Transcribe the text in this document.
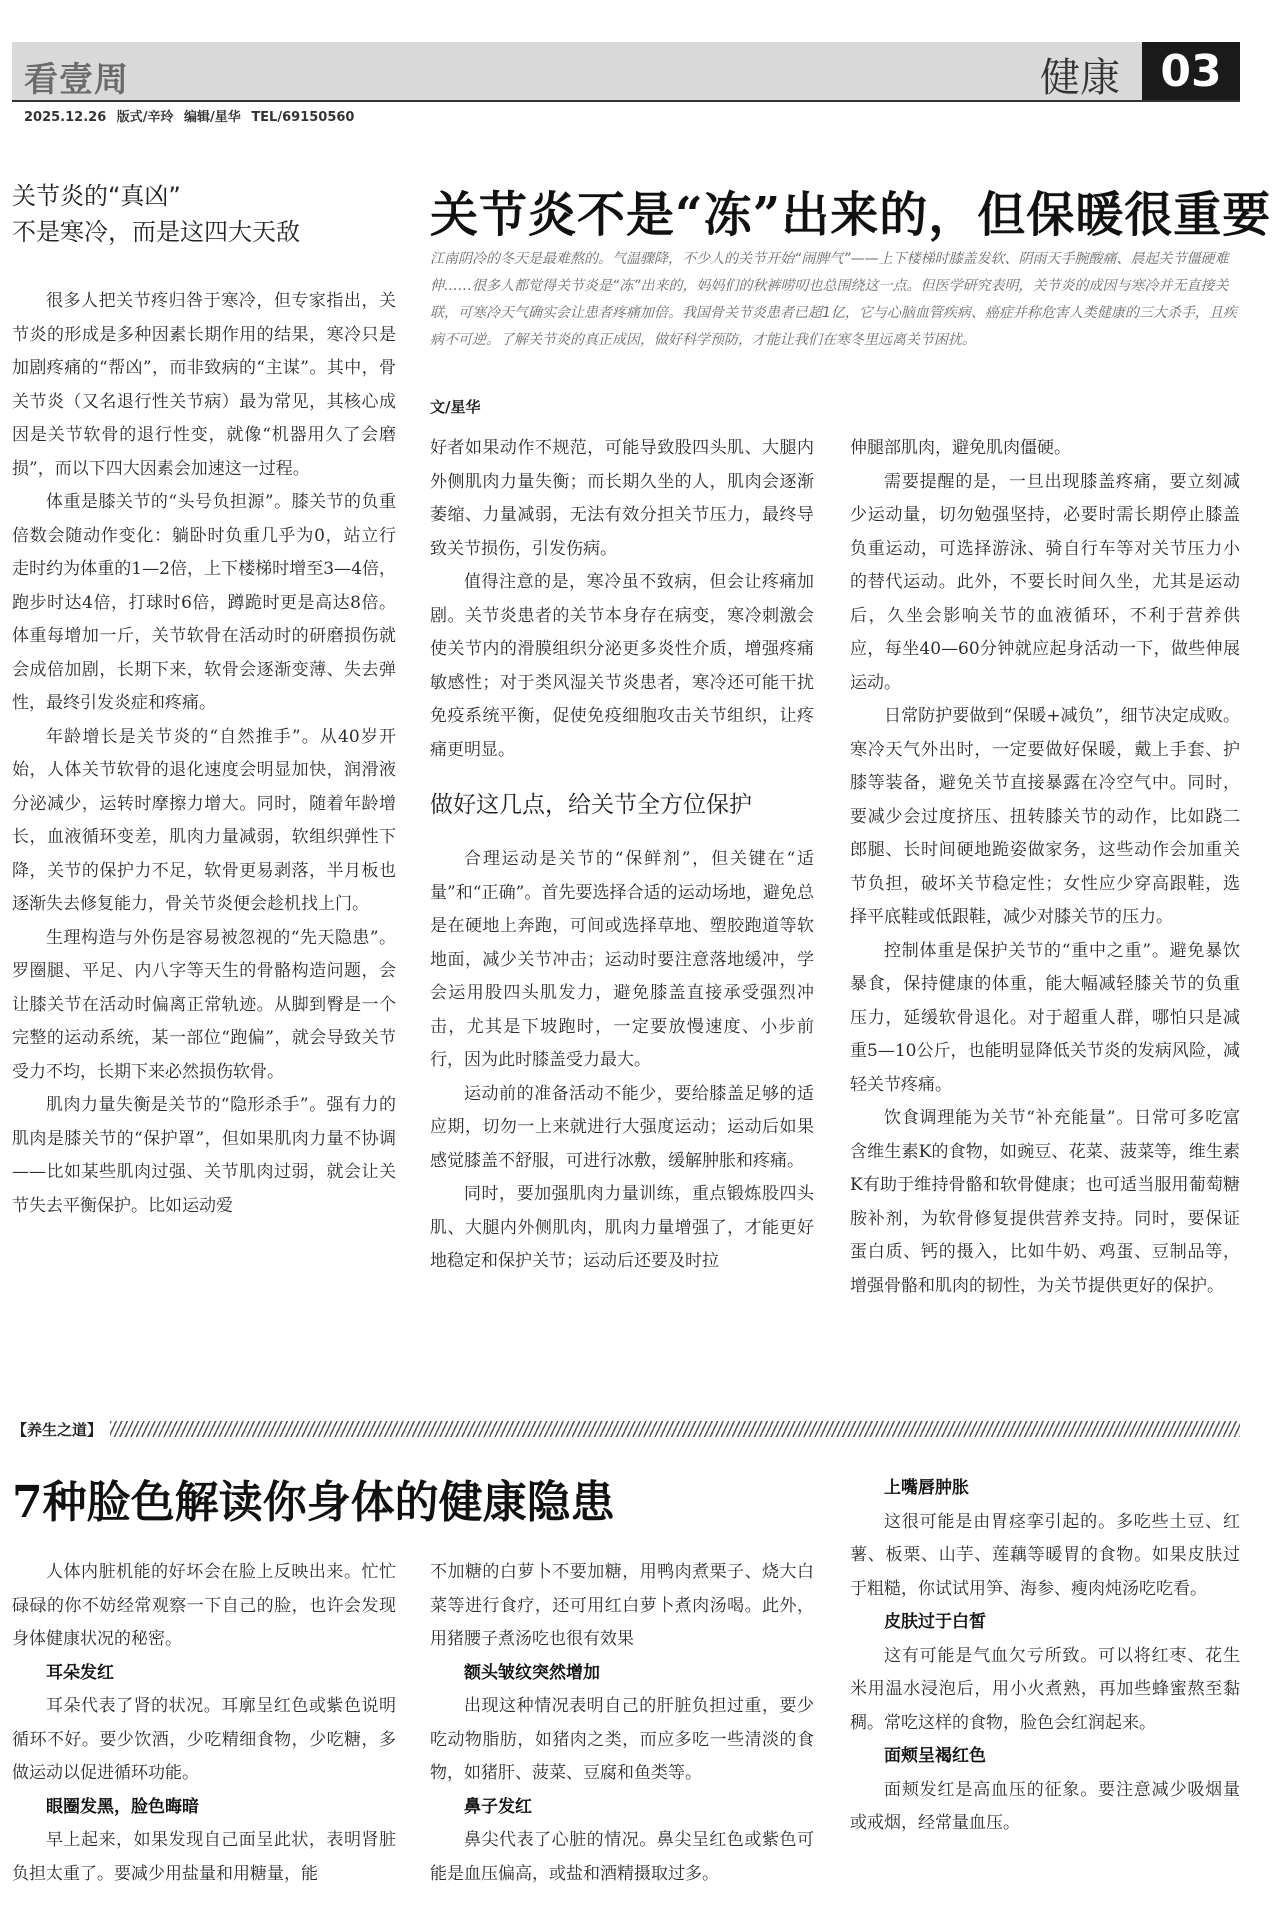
看壹周	健康 03
2025.12.26 版式/辛玲 编辑/星华 TEL/69150560
关节炎的“真凶”
不是寒冷，而是这四大天敌	关节炎不是“冻”出来的，但保暖很重要
江南阴冷的冬天是最难熬的。气温骤降，不少人的关节开始“闹脾气”——上下楼梯时膝盖发软、阴雨天手腕酸痛、晨起关节僵硬难伸……很多人都觉得关节炎是“冻”出来的，妈妈们的秋裤唠叨也总围绕这一点。但医学研究表明，关节炎的成因与寒冷并无直接关联，可寒冷天气确实会让患者疼痛加倍。我国骨关节炎患者已超1亿，它与心脑血管疾病、癌症并称危害人类健康的三大杀手，且疾病不可逆。了解关节炎的真正成因，做好科学预防，才能让我们在寒冬里远离关节困扰。
文/星华

很多人把关节疼归咎于寒冷，但专家指出，关节炎的形成是多种因素长期作用的结果，寒冷只是加剧疼痛的“帮凶”，而非致病的“主谋”。其中，骨关节炎（又名退行性关节病）最为常见，其核心成因是关节软骨的退行性变，就像“机器用久了会磨损”，而以下四大因素会加速这一过程。

体重是膝关节的“头号负担源”。膝关节的负重倍数会随动作变化：躺卧时负重几乎为0，站立行走时约为体重的1—2倍，上下楼梯时增至3—4倍，跑步时达4倍，打球时6倍，蹲跪时更是高达8倍。体重每增加一斤，关节软骨在活动时的研磨损伤就会成倍加剧，长期下来，软骨会逐渐变薄、失去弹性，最终引发炎症和疼痛。

年龄增长是关节炎的“自然推手”。从40岁开始，人体关节软骨的退化速度会明显加快，润滑液分泌减少，运转时摩擦力增大。同时，随着年龄增长，血液循环变差，肌肉力量减弱，软组织弹性下降，关节的保护力不足，软骨更易剥落，半月板也逐渐失去修复能力，骨关节炎便会趁机找上门。

生理构造与外伤是容易被忽视的“先天隐患”。罗圈腿、平足、内八字等天生的骨骼构造问题，会让膝关节在活动时偏离正常轨迹。从脚到臀是一个完整的运动系统，某一部位“跑偏”，就会导致关节受力不均，长期下来必然损伤软骨。

肌肉力量失衡是关节的“隐形杀手”。强有力的肌肉是膝关节的“保护罩”，但如果肌肉力量不协调——比如某些肌肉过强、关节肌肉过弱，就会让关节失去平衡保护。比如运动爱

好者如果动作不规范，可能导致股四头肌、大腿内外侧肌肉力量失衡；而长期久坐的人，肌肉会逐渐萎缩、力量减弱，无法有效分担关节压力，最终导致关节损伤，引发伤病。

值得注意的是，寒冷虽不致病，但会让疼痛加剧。关节炎患者的关节本身存在病变，寒冷刺激会使关节内的滑膜组织分泌更多炎性介质，增强疼痛敏感性；对于类风湿关节炎患者，寒冷还可能干扰免疫系统平衡，促使免疫细胞攻击关节组织，让疼痛更明显。

做好这几点，给关节全方位保护

合理运动是关节的“保鲜剂”，但关键在“适量”和“正确”。首先要选择合适的运动场地，避免总是在硬地上奔跑，可间或选择草地、塑胶跑道等软地面，减少关节冲击；运动时要注意落地缓冲，学会运用股四头肌发力，避免膝盖直接承受强烈冲击，尤其是下坡跑时，一定要放慢速度、小步前行，因为此时膝盖受力最大。

运动前的准备活动不能少，要给膝盖足够的适应期，切勿一上来就进行大强度运动；运动后如果感觉膝盖不舒服，可进行冰敷，缓解肿胀和疼痛。

同时，要加强肌肉力量训练，重点锻炼股四头肌、大腿内外侧肌肉，肌肉力量增强了，才能更好地稳定和保护关节；运动后还要及时拉

伸腿部肌肉，避免肌肉僵硬。

需要提醒的是，一旦出现膝盖疼痛，要立刻减少运动量，切勿勉强坚持，必要时需长期停止膝盖负重运动，可选择游泳、骑自行车等对关节压力小的替代运动。此外，不要长时间久坐，尤其是运动后，久坐会影响关节的血液循环，不利于营养供应，每坐40—60分钟就应起身活动一下，做些伸展运动。

日常防护要做到“保暖+减负”，细节决定成败。寒冷天气外出时，一定要做好保暖，戴上手套、护膝等装备，避免关节直接暴露在冷空气中。同时，要减少会过度挤压、扭转膝关节的动作，比如跷二郎腿、长时间硬地跪姿做家务，这些动作会加重关节负担，破坏关节稳定性；女性应少穿高跟鞋，选择平底鞋或低跟鞋，减少对膝关节的压力。

控制体重是保护关节的“重中之重”。避免暴饮暴食，保持健康的体重，能大幅减轻膝关节的负重压力，延缓软骨退化。对于超重人群，哪怕只是减重5—10公斤，也能明显降低关节炎的发病风险，减轻关节疼痛。

饮食调理能为关节“补充能量”。日常可多吃富含维生素K的食物，如豌豆、花菜、菠菜等，维生素K有助于维持骨骼和软骨健康；也可适当服用葡萄糖胺补剂，为软骨修复提供营养支持。同时，要保证蛋白质、钙的摄入，比如牛奶、鸡蛋、豆制品等，增强骨骼和肌肉的韧性，为关节提供更好的保护。

【养生之道】
7种脸色解读你身体的健康隐患

人体内脏机能的好坏会在脸上反映出来。忙忙碌碌的你不妨经常观察一下自己的脸，也许会发现身体健康状况的秘密。

耳朵发红

耳朵代表了肾的状况。耳廓呈红色或紫色说明循环不好。要少饮酒，少吃精细食物，少吃糖，多做运动以促进循环功能。

眼圈发黑，脸色晦暗

早上起来，如果发现自己面呈此状，表明肾脏负担太重了。要减少用盐量和用糖量，能

不加糖的白萝卜不要加糖，用鸭肉煮栗子、烧大白菜等进行食疗，还可用红白萝卜煮肉汤喝。此外，用猪腰子煮汤吃也很有效果

额头皱纹突然增加

出现这种情况表明自己的肝脏负担过重，要少吃动物脂肪，如猪肉之类，而应多吃一些清淡的食物，如猪肝、菠菜、豆腐和鱼类等。

鼻子发红

鼻尖代表了心脏的情况。鼻尖呈红色或紫色可能是血压偏高，或盐和酒精摄取过多。

上嘴唇肿胀

这很可能是由胃痉挛引起的。多吃些土豆、红薯、板栗、山芋、莲藕等暖胃的食物。如果皮肤过于粗糙，你试试用笋、海参、瘦肉炖汤吃吃看。

皮肤过于白皙

这有可能是气血欠亏所致。可以将红枣、花生米用温水浸泡后，用小火煮熟，再加些蜂蜜熬至黏稠。常吃这样的食物，脸色会红润起来。

面颊呈褐红色

面颊发红是高血压的征象。要注意减少吸烟量或戒烟，经常量血压。
